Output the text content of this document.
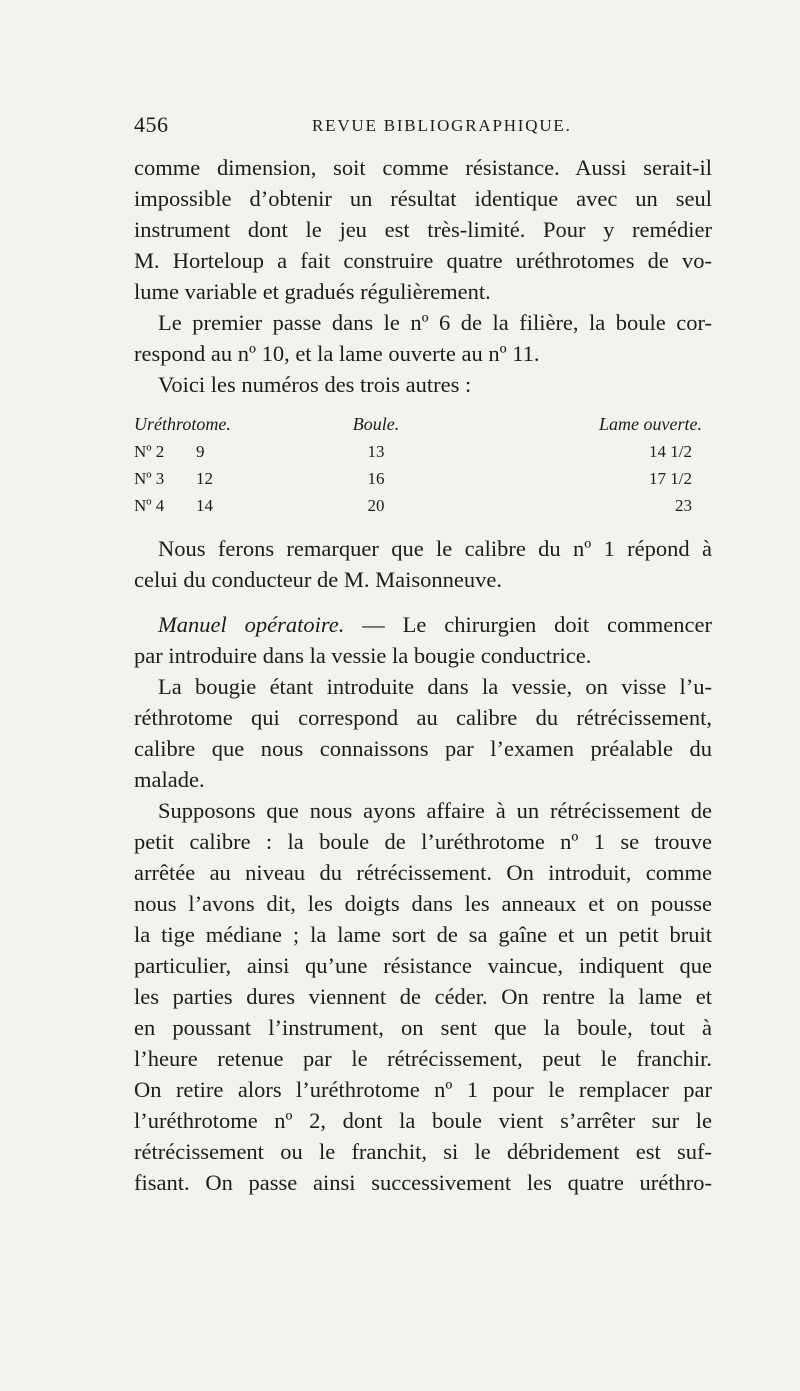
456	REVUE BIBLIOGRAPHIQUE.
comme dimension, soit comme résistance. Aussi serait-il
impossible d’obtenir un résultat identique avec un seul
instrument dont le jeu est très-limité. Pour y remédier
M. Horteloup a fait construire quatre uréthrotomes de vo-
lume variable et gradués régulièrement.
Le premier passe dans le nº 6 de la filière, la boule cor-
respond au nº 10, et la lame ouverte au nº 11.
Voici les numéros des trois autres :
Uréthrotome.		Boule.	Lame ouverte.
Nº 2	9	13	14 1/2
Nº 3	12	16	17 1/2
Nº 4	14	20	23
Nous ferons remarquer que le calibre du nº 1 répond à
celui du conducteur de M. Maisonneuve.
Manuel opératoire. — Le chirurgien doit commencer
par introduire dans la vessie la bougie conductrice.
La bougie étant introduite dans la vessie, on visse l’u-
réthrotome qui correspond au calibre du rétrécissement,
calibre que nous connaissons par l’examen préalable du
malade.
Supposons que nous ayons affaire à un rétrécissement de
petit calibre : la boule de l’uréthrotome nº 1 se trouve
arrêtée au niveau du rétrécissement. On introduit, comme
nous l’avons dit, les doigts dans les anneaux et on pousse
la tige médiane ; la lame sort de sa gaîne et un petit bruit
particulier, ainsi qu’une résistance vaincue, indiquent que
les parties dures viennent de céder. On rentre la lame et
en poussant l’instrument, on sent que la boule, tout à
l’heure retenue par le rétrécissement, peut le franchir.
On retire alors l’uréthrotome nº 1 pour le remplacer par
l’uréthrotome nº 2, dont la boule vient s’arrêter sur le
rétrécissement ou le franchit, si le débridement est suf-
fisant. On passe ainsi successivement les quatre uréthro-
